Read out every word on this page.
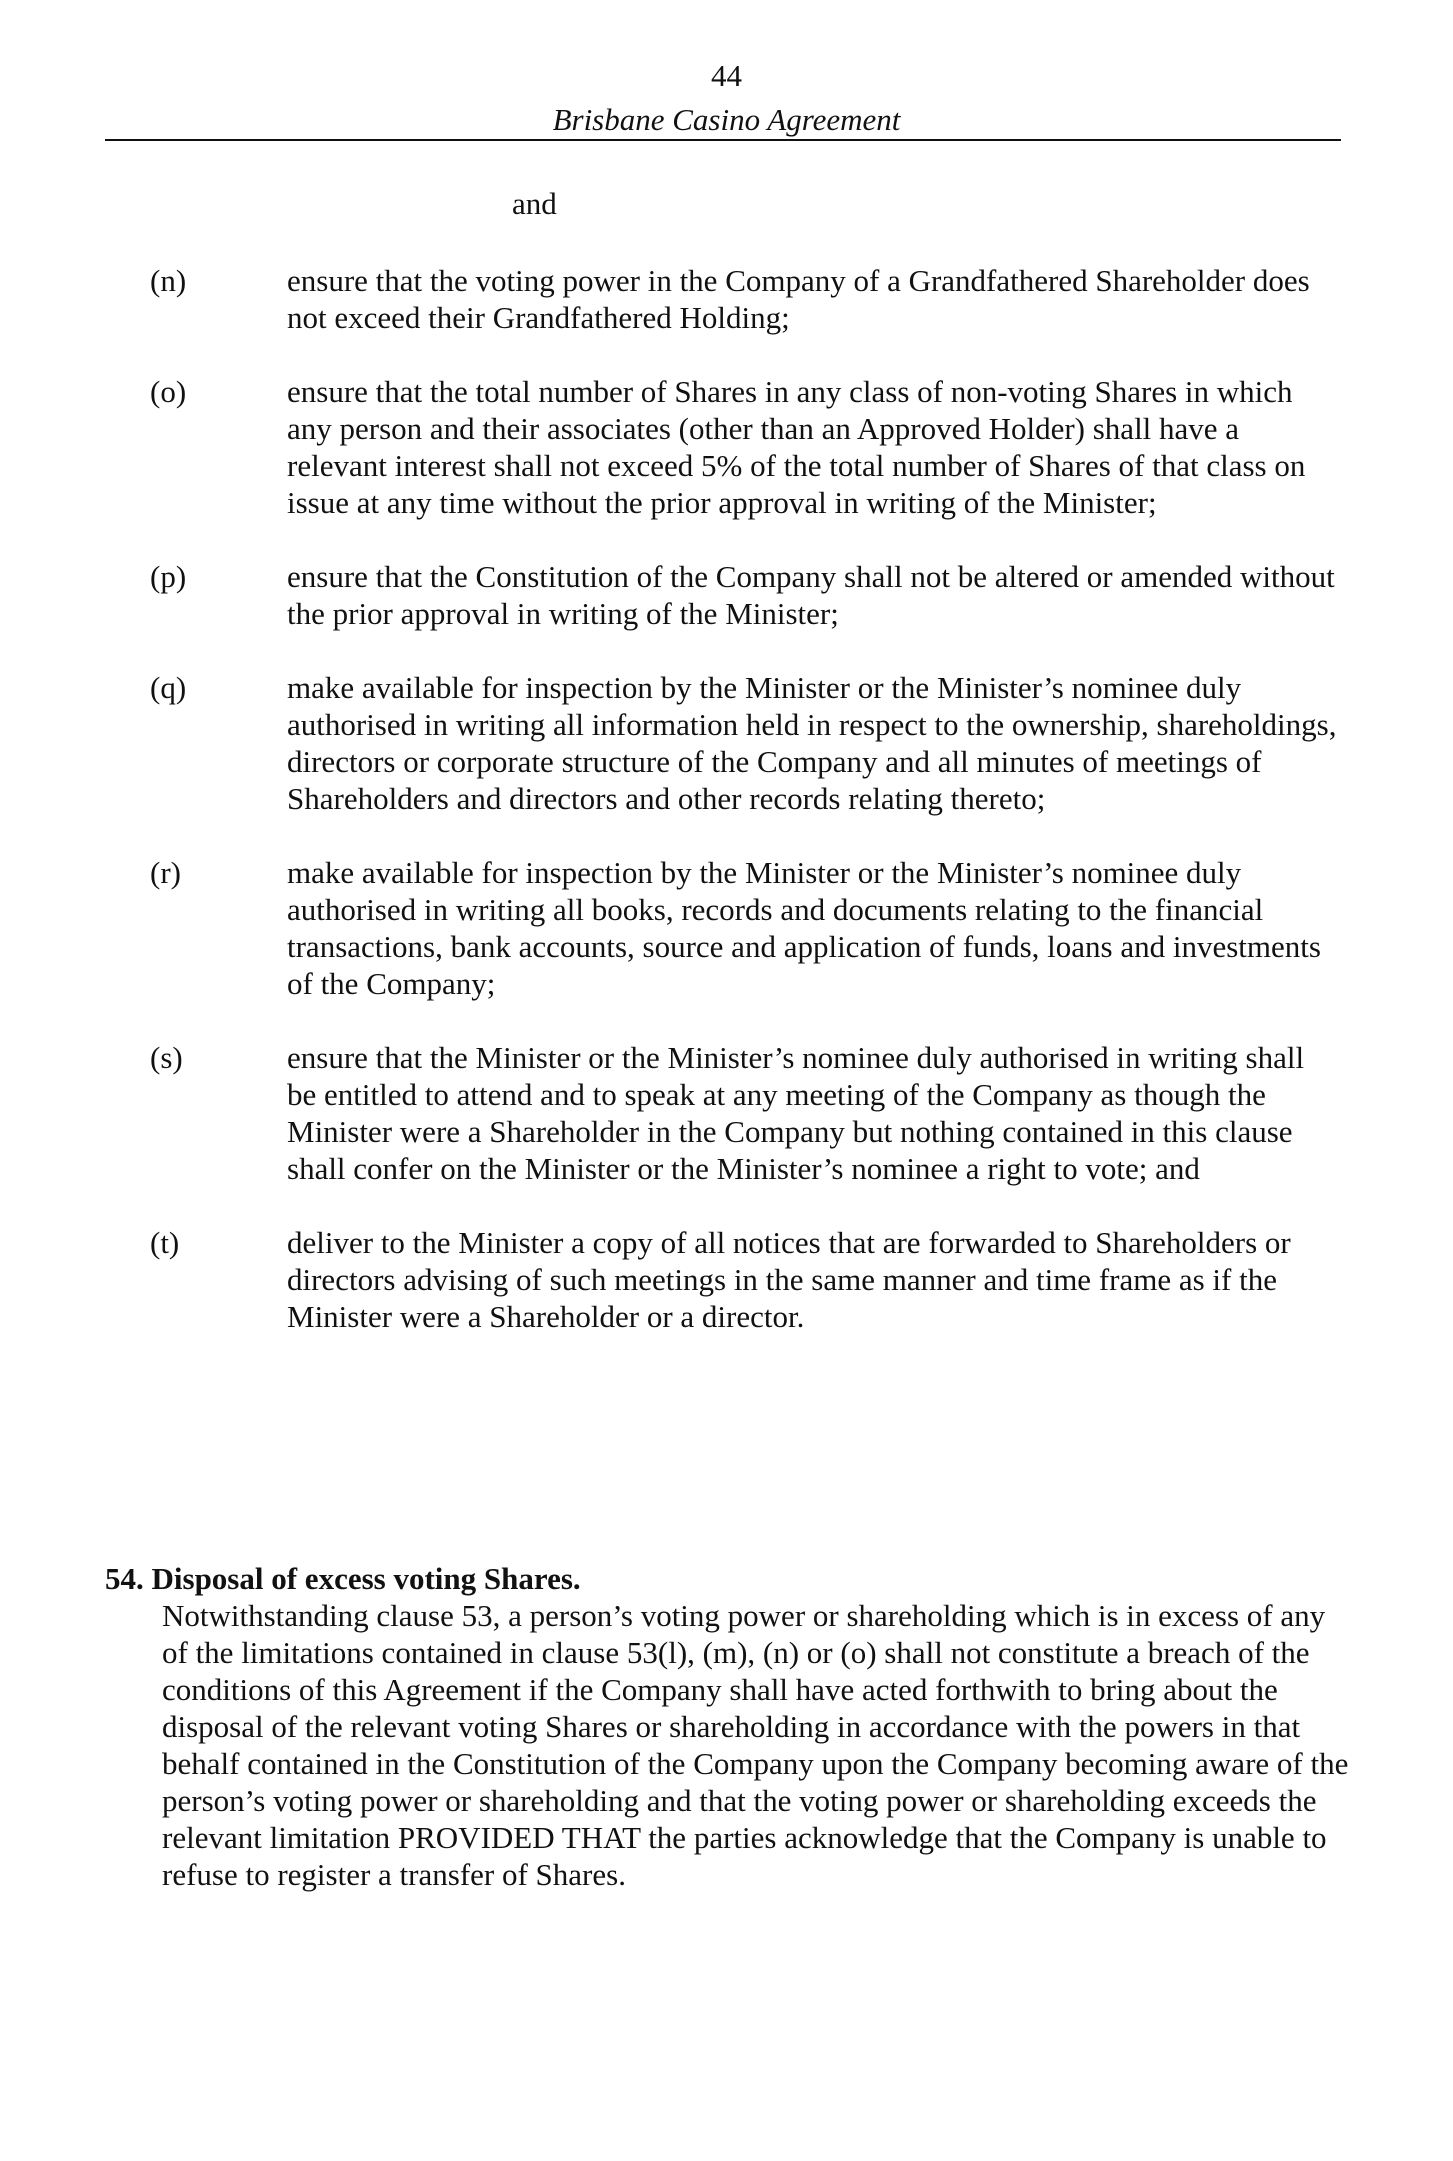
44
Brisbane Casino Agreement
and
(n)	ensure that the voting power in the Company of a Grandfathered Shareholder does not exceed their Grandfathered Holding;
(o)	ensure that the total number of Shares in any class of non-voting Shares in which any person and their associates (other than an Approved Holder) shall have a relevant interest shall not exceed 5% of the total number of Shares of that class on issue at any time without the prior approval in writing of the Minister;
(p)	ensure that the Constitution of the Company shall not be altered or amended without the prior approval in writing of the Minister;
(q)	make available for inspection by the Minister or the Minister’s nominee duly authorised in writing all information held in respect to the ownership, shareholdings, directors or corporate structure of the Company and all minutes of meetings of Shareholders and directors and other records relating thereto;
(r)	make available for inspection by the Minister or the Minister’s nominee duly authorised in writing all books, records and documents relating to the financial transactions, bank accounts, source and application of funds, loans and investments of the Company;
(s)	ensure that the Minister or the Minister’s nominee duly authorised in writing shall be entitled to attend and to speak at any meeting of the Company as though the Minister were a Shareholder in the Company but nothing contained in this clause shall confer on the Minister or the Minister’s nominee a right to vote; and
(t)	deliver to the Minister a copy of all notices that are forwarded to Shareholders or directors advising of such meetings in the same manner and time frame as if the Minister were a Shareholder or a director.

54. Disposal of excess voting Shares.

Notwithstanding clause 53, a person’s voting power or shareholding which is in excess of any of the limitations contained in clause 53(l), (m), (n) or (o) shall not constitute a breach of the conditions of this Agreement if the Company shall have acted forthwith to bring about the disposal of the relevant voting Shares or shareholding in accordance with the powers in that behalf contained in the Constitution of the Company upon the Company becoming aware of the person’s voting power or shareholding and that the voting power or shareholding exceeds the relevant limitation PROVIDED THAT the parties acknowledge that the Company is unable to refuse to register a transfer of Shares.
